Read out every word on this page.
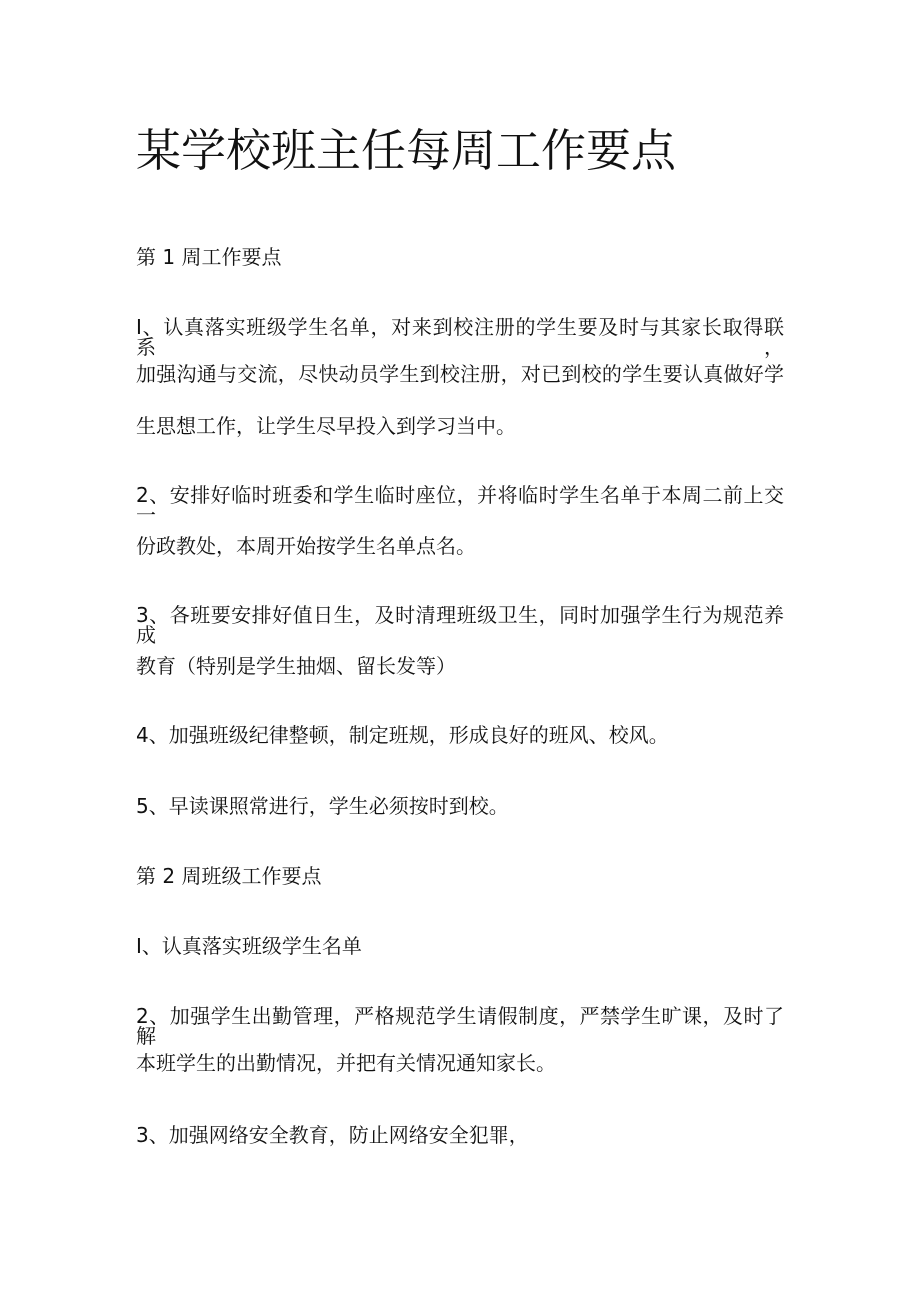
某学校班主任每周工作要点
第 1 周工作要点
I、认真落实班级学生名单，对来到校注册的学生要及时与其家长取得联系，
加强沟通与交流，尽快动员学生到校注册，对已到校的学生要认真做好学
生思想工作，让学生尽早投入到学习当中。
2、安排好临时班委和学生临时座位，并将临时学生名单于本周二前上交一
份政教处，本周开始按学生名单点名。
3、各班要安排好值日生，及时清理班级卫生，同时加强学生行为规范养成
教育（特别是学生抽烟、留长发等）
4、加强班级纪律整顿，制定班规，形成良好的班风、校风。
5、早读课照常进行，学生必须按时到校。
第 2 周班级工作要点
I、认真落实班级学生名单
2、加强学生出勤管理，严格规范学生请假制度，严禁学生旷课，及时了解
本班学生的出勤情况，并把有关情况通知家长。
3、加强网络安全教育，防止网络安全犯罪，
